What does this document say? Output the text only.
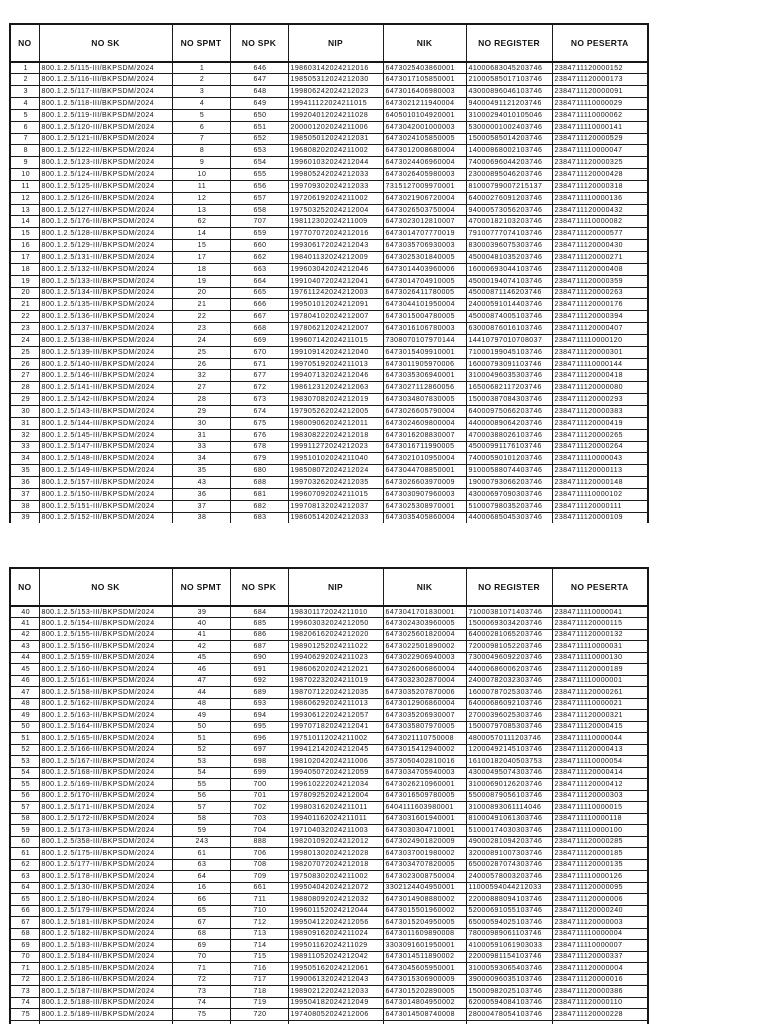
NO	NO SK	NO SPMT	NO SPK	NIP	NIK	NO REGISTER	NO PESERTA
1	800.1.2.5/115-III/BKPSDM/2024	1	646	198603142024212016	6473025403860001	41000683045203746	2384711120000152
2	800.1.2.5/116-III/BKPSDM/2024	2	647	198505312024212030	6473017105850001	21000585017103746	2384711120000173
3	800.1.2.5/117-III/BKPSDM/2024	3	648	199806242024212023	6473016406980003	43000896046103746	2384711120000091
4	800.1.2.5/118-III/BKPSDM/2024	4	649	199411122024211015	6473021211940004	94000491121203746	2384711110000029
5	800.1.2.5/119-III/BKPSDM/2024	5	650	199204012024211028	6405010104920001	31000294010105046	2384711110000062
6	800.1.2.5/120-III/BKPSDM/2024	6	651	200001202024211006	6473042001000003	53000001002403746	2384711110000141
7	800.1.2.5/121-III/BKPSDM/2024	7	652	198505012024212031	6473024105850005	15000585014203746	2384711120000529
8	800.1.2.5/122-III/BKPSDM/2024	8	653	196808202024211002	6473012008680004	14000868002103746	2384711110000047
9	800.1.2.5/123-III/BKPSDM/2024	9	654	199601032024212044	6473024406960004	74000696044203746	2384711120000325
10	800.1.2.5/124-III/BKPSDM/2024	10	655	199805242024212033	6473026405980003	23000895046203746	2384711120000428
11	800.1.2.5/125-III/BKPSDM/2024	11	656	199709302024212033	7315127009970001	81000799007215137	2384711120000318
12	800.1.2.5/126-III/BKPSDM/2024	12	657	197206192024211002	6473021906720004	64000276091203746	2384711110000136
13	800.1.2.5/127-III/BKPSDM/2024	13	658	197503252024212004	6473026503750004	94000573056203746	2384711120000432
14	800.1.2.5/176-III/BKPSDM/2024	62	707	198112302024211009	6473023012810007	47000182103203746	2384711110000082
15	800.1.2.5/128-III/BKPSDM/2024	14	659	197707072024212016	6473014707770019	79100777074103746	2384711120000577
16	800.1.2.5/129-III/BKPSDM/2024	15	660	199306172024212043	6473035706930003	83000396075303746	2384711120000430
17	800.1.2.5/131-III/BKPSDM/2024	17	662	198401132024212009	6473025301840005	45000481035203746	2384711120000271
18	800.1.2.5/132-III/BKPSDM/2024	18	663	199603042024212046	6473014403960006	16000693044103746	2384711120000408
19	800.1.2.5/133-III/BKPSDM/2024	19	664	199104072024212041	6473014704910005	45000194074103746	2384711120000359
20	800.1.2.5/134-III/BKPSDM/2024	20	665	197611242024212003	6473026411780005	45000871146203746	2384711120000263
21	800.1.2.5/135-III/BKPSDM/2024	21	666	199501012024212091	6473044101950004	24000591014403746	2384711120000176
22	800.1.2.5/136-III/BKPSDM/2024	22	667	197804102024212007	6473015004780005	45000874005103746	2384711120000394
23	800.1.2.5/137-III/BKPSDM/2024	23	668	197806212024212007	6473016106780003	63000876016103746	2384711120000407
24	800.1.2.5/138-III/BKPSDM/2024	24	669	199607142024211015	7308070107970144	14410797010708037	2384711110000120
25	800.1.2.5/139-III/BKPSDM/2024	25	670	199109142024212040	6473015409910001	71000199045103746	2384711120000301
26	800.1.2.5/140-III/BKPSDM/2024	26	671	199705192024211013	6473011905970006	16000793091103746	2384711110000144
27	800.1.2.5/146-III/BKPSDM/2024	32	677	199407132024212046	6473035306940001	31000496035303746	2384711120000418
28	800.1.2.5/141-III/BKPSDM/2024	27	672	198612312024212063	6473027112860056	16500682117203746	2384711120000080
29	800.1.2.5/142-III/BKPSDM/2024	28	673	198307082024212019	6473034807830005	15000387084303746	2384711120000293
30	800.1.2.5/143-III/BKPSDM/2024	29	674	197905262024212005	6473026605790004	64000975066203746	2384711120000383
31	800.1.2.5/144-III/BKPSDM/2024	30	675	198009062024212011	6473024609800004	44000089064203746	2384711120000419
32	800.1.2.5/145-III/BKPSDM/2024	31	676	198308222024212018	6473016208830007	47000388026103746	2384711120000265
33	800.1.2.5/147-III/BKPSDM/2024	33	678	199911272024212023	6473016711990005	45000991176103746	2384711120000264
34	800.1.2.5/148-III/BKPSDM/2024	34	679	199510102024211040	6473021010950004	74000590101203746	2384711110000043
35	800.1.2.5/149-III/BKPSDM/2024	35	680	198508072024212024	6473044708850001	91000588074403746	2384711120000113
36	800.1.2.5/157-III/BKPSDM/2024	43	688	199703262024212035	6473026603970009	19000793066203746	2384711120000148
37	800.1.2.5/150-III/BKPSDM/2024	36	681	199607092024211015	6473030907960003	43000697090303746	2384711110000102
38	800.1.2.5/151-III/BKPSDM/2024	37	682	199708132024212037	6473025308970001	51000798035203746	2384711120000111
39	800.1.2.5/152-III/BKPSDM/2024	38	683	198605142024212033	6473035405860004	44000685045303746	2384711120000109
NO	NO SK	NO SPMT	NO SPK	NIP	NIK	NO REGISTER	NO PESERTA
40	800.1.2.5/153-III/BKPSDM/2024	39	684	198301172024211010	6473041701830001	71000381071403746	2384711110000041
41	800.1.2.5/154-III/BKPSDM/2024	40	685	199603032024212050	6473024303960005	15000693034203746	2384711120000115
42	800.1.2.5/155-III/BKPSDM/2024	41	686	198206162024212020	6473025601820004	64000281065203746	2384711120000132
43	800.1.2.5/156-III/BKPSDM/2024	42	687	198901252024211022	6473022501890002	72000981052203746	2384711110000031
44	800.1.2.5/159-III/BKPSDM/2024	45	690	199406292024211023	6473022906940003	73000496092203746	2384711110000130
45	800.1.2.5/160-III/BKPSDM/2024	46	691	198606202024212021	6473026006860004	44000686006203746	2384711120000189
46	800.1.2.5/161-III/BKPSDM/2024	47	692	198702232024211019	6473032302870004	24000782032303746	2384711110000001
47	800.1.2.5/158-III/BKPSDM/2024	44	689	198707122024212035	6473035207870006	16000787025303746	2384711120000261
48	800.1.2.5/162-III/BKPSDM/2024	48	693	198606292024211013	6473012906860004	64000686092103746	2384711110000021
49	800.1.2.5/163-III/BKPSDM/2024	49	694	199306122024212057	6473035206930007	27000396025303746	2384711120000321
50	800.1.2.5/164-III/BKPSDM/2024	50	695	199707182024212041	6473035807970005	15000797085303746	2384711120000415
51	800.1.2.5/165-III/BKPSDM/2024	51	696	197510112024211002	6473021110750008	48000570111203746	2384711110000044
52	800.1.2.5/166-III/BKPSDM/2024	52	697	199412142024212045	6473015412940002	12000492145103746	2384711120000413
53	800.1.2.5/167-III/BKPSDM/2024	53	698	198102042024211006	3573050402810016	16100182040503753	2384711110000054
54	800.1.2.5/168-III/BKPSDM/2024	54	699	199405072024212059	6473034705940003	43000495074303746	2384711120000414
55	800.1.2.5/169-III/BKPSDM/2024	55	700	199610222024212034	6473026210960001	31000690126203746	2384711120000412
56	800.1.2.5/170-III/BKPSDM/2024	56	701	197809252024212004	6473016509780005	55000879056103746	2384711120000303
57	800.1.2.5/171-III/BKPSDM/2024	57	702	199803162024211011	6404111603980001	31000893061114046	2384711110000015
58	800.1.2.5/172-III/BKPSDM/2024	58	703	199401162024211011	6473031601940001	81000491061303746	2384711110000118
59	800.1.2.5/173-III/BKPSDM/2024	59	704	197104032024211003	6473030304710001	51000174030303746	2384711110000100
60	800.1.2.5/358-III/BKPSDM/2024	243	888	198201092024212012	6473024901820009	49000281094203746	2384711120000285
61	800.1.2.5/175-III/BKPSDM/2024	61	706	199801302024212028	6473037001980002	32000891007303746	2384711120000185
62	800.1.2.5/177-III/BKPSDM/2024	63	708	198207072024212018	6473034707820005	65000287074303746	2384711120000135
63	800.1.2.5/178-III/BKPSDM/2024	64	709	197508302024211002	6473023008750004	24000578003203746	2384711110000126
64	800.1.2.5/130-III/BKPSDM/2024	16	661	199504042024212072	3302124404950001	11000594044212033	2384711120000095
65	800.1.2.5/180-III/BKPSDM/2024	66	711	198808092024212032	6473014908880002	22000888094103746	2384711120000006
66	800.1.2.5/179-III/BKPSDM/2024	65	710	199601152024212044	6473015501960002	52000691055103746	2384711120000240
67	800.1.2.5/181-III/BKPSDM/2024	67	712	199504122024212056	6473015204950005	65000594025103746	2384711120000003
68	800.1.2.5/182-III/BKPSDM/2024	68	713	198909162024211024	6473011609890008	78000989061103746	2384711110000004
69	800.1.2.5/183-III/BKPSDM/2024	69	714	199501162024211029	3303091601950001	41000591061903033	2384711110000007
70	800.1.2.5/184-III/BKPSDM/2024	70	715	198911052024212042	6473014511890002	22000981154103746	2384711120000337
71	800.1.2.5/185-III/BKPSDM/2024	71	716	199505162024212061	6473045605950001	31000593065403746	2384711120000004
72	800.1.2.5/186-III/BKPSDM/2024	72	717	199006132024212043	6473015306900009	39000096035103746	2384711120000016
73	800.1.2.5/187-III/BKPSDM/2024	73	718	198902122024212033	6473015202890005	15000982025103746	2384711120000386
74	800.1.2.5/188-III/BKPSDM/2024	74	719	199504182024212049	6473014804950002	62000594084103746	2384711120000110
75	800.1.2.5/189-III/BKPSDM/2024	75	720	197408052024212006	6473014508740008	28000478054103746	2384711120000228
